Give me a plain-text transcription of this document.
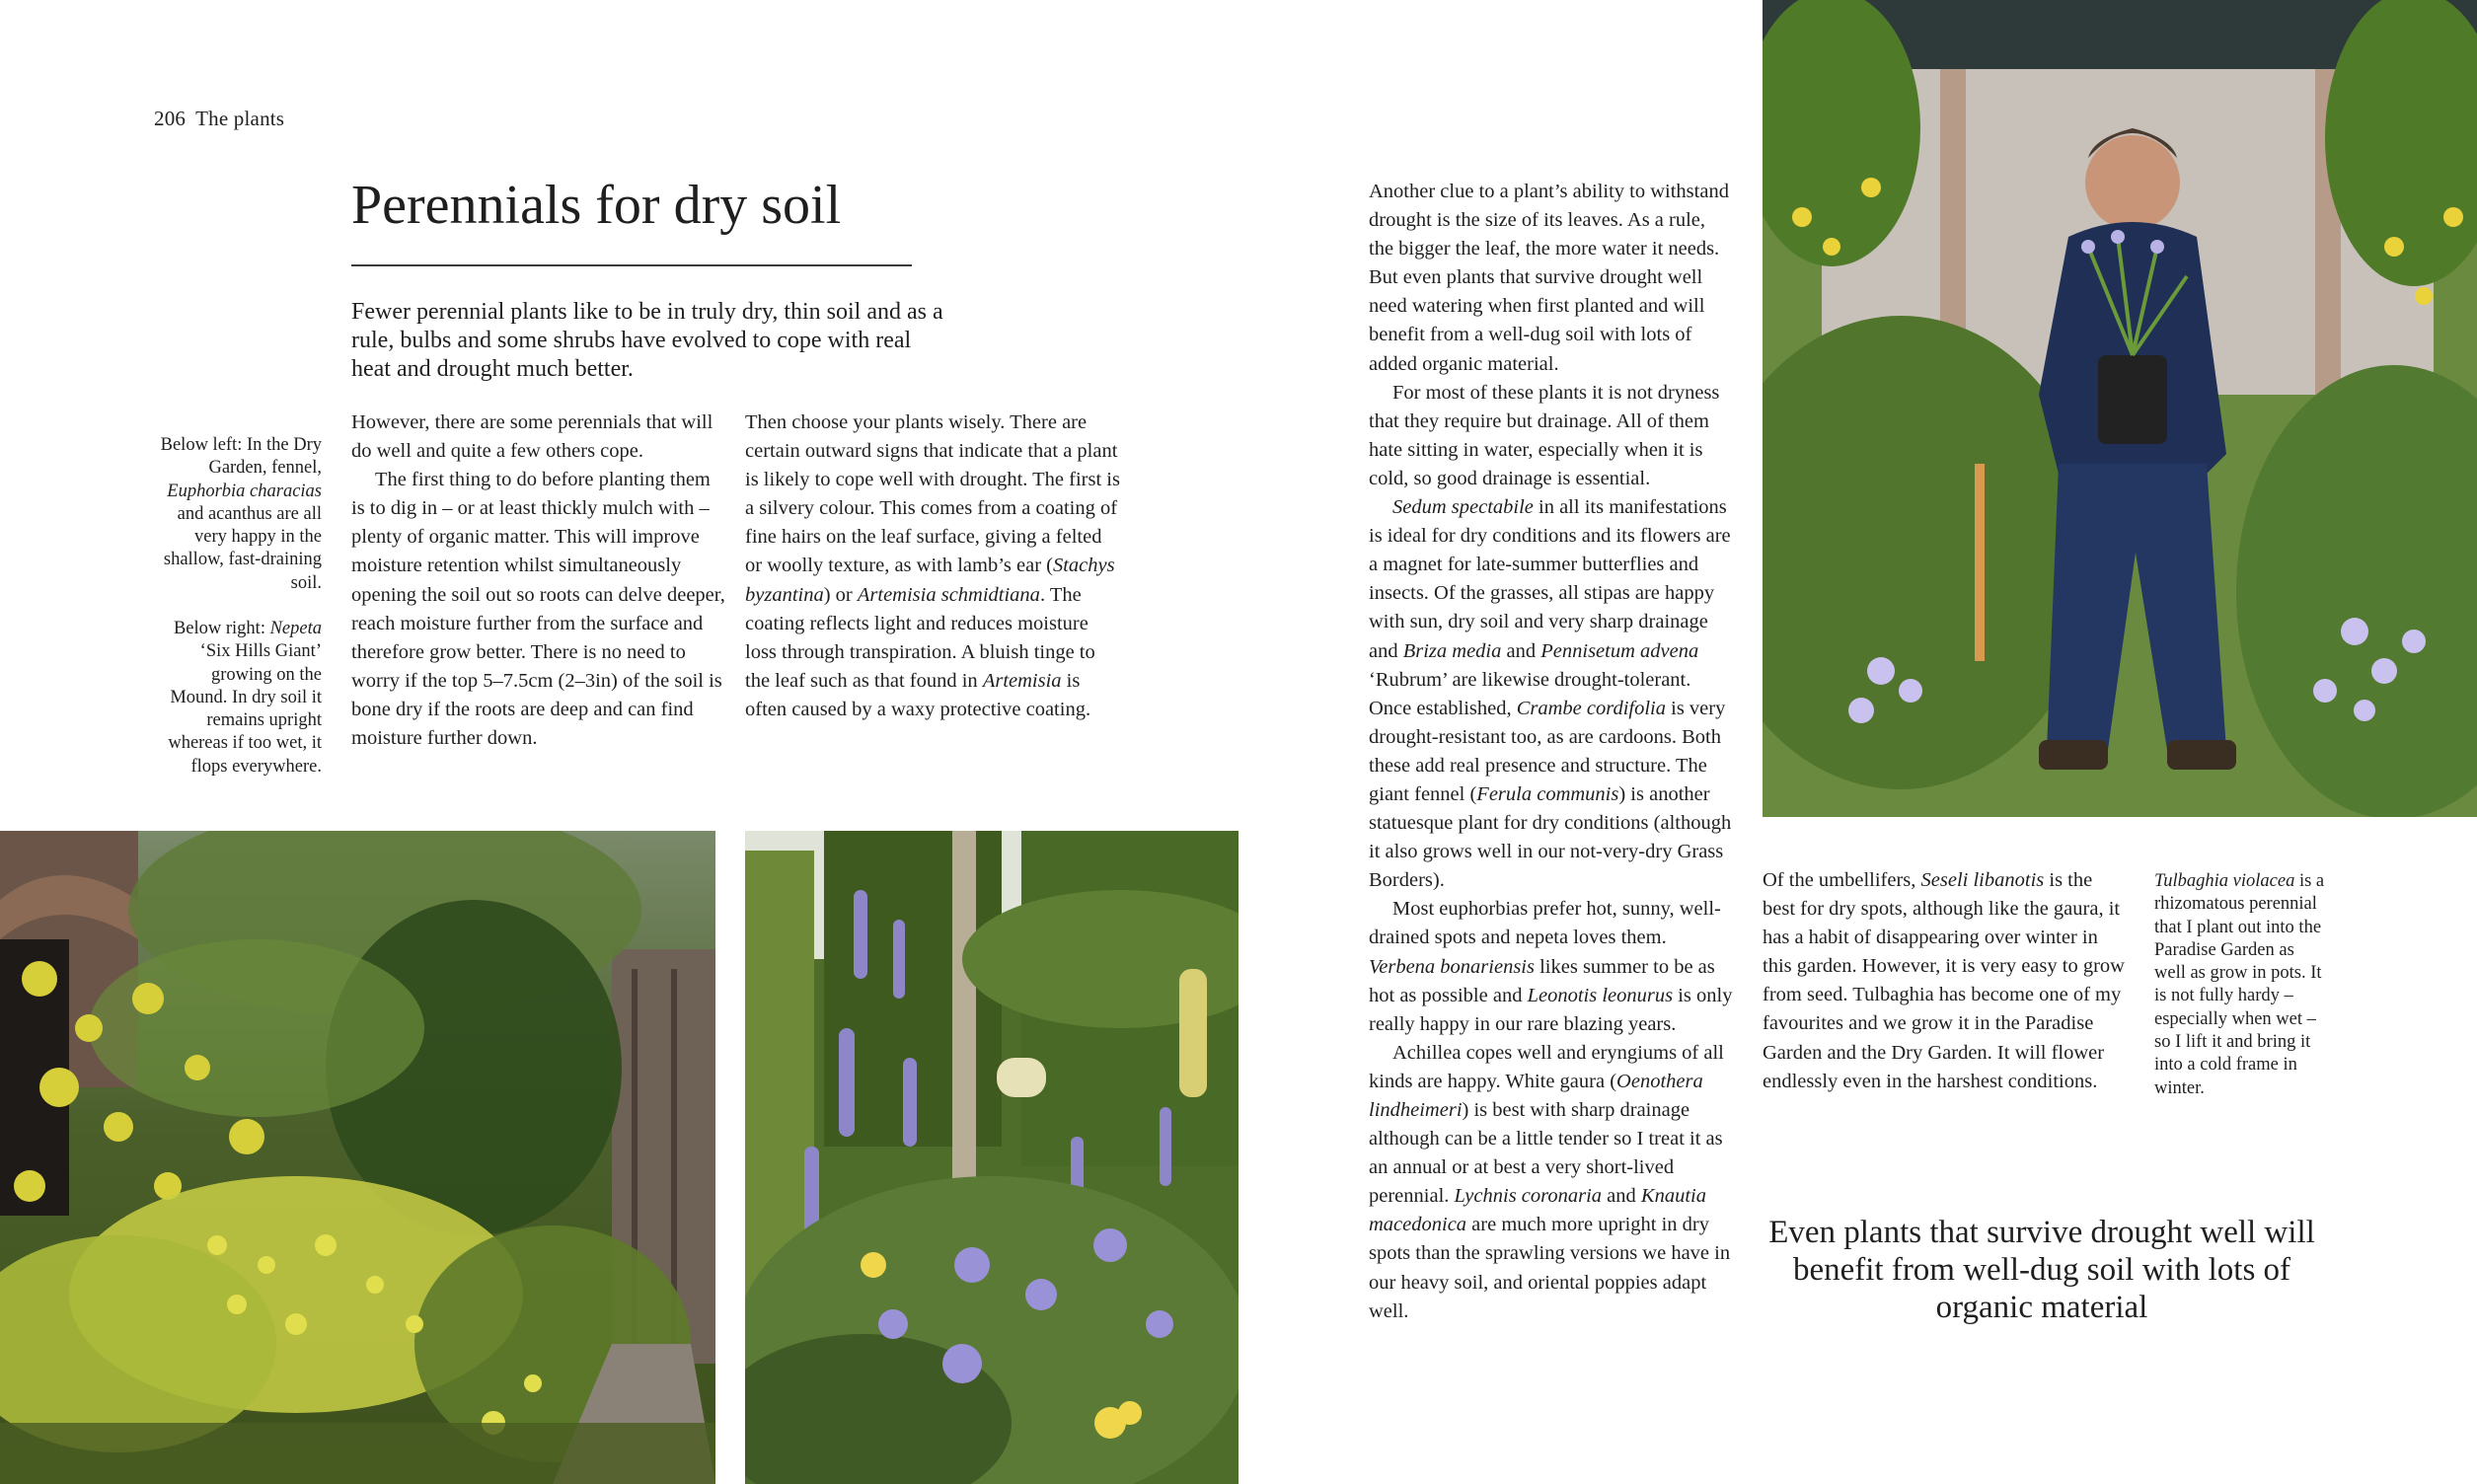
206 The plants
Perennials for dry soil
Fewer perennial plants like to be in truly dry, thin soil and as a rule, bulbs and some shrubs have evolved to cope with real heat and drought much better.
Below left: In the Dry Garden, fennel, Euphorbia characias and acanthus are all very happy in the shallow, fast-draining soil.
Below right: Nepeta ‘Six Hills Giant’ growing on the Mound. In dry soil it remains upright whereas if too wet, it flops everywhere.

However, there are some perennials that will do well and quite a few others cope.

The first thing to do before planting them is to dig in – or at least thickly mulch with – plenty of organic matter. This will improve moisture retention whilst simultaneously opening the soil out so roots can delve deeper, reach moisture further from the surface and therefore grow better. There is no need to worry if the top 5–7.5cm (2–3in) of the soil is bone dry if the roots are deep and can find moisture further down.

Then choose your plants wisely. There are certain outward signs that indicate that a plant is likely to cope well with drought. The first is a silvery colour. This comes from a coating of fine hairs on the leaf surface, giving a felted or woolly texture, as with lamb’s ear (Stachys byzantina) or Artemisia schmidtiana. The coating reflects light and reduces moisture loss through transpiration. A bluish tinge to the leaf such as that found in Artemisia is often caused by a waxy protective coating.

Another clue to a plant’s ability to withstand drought is the size of its leaves. As a rule, the bigger the leaf, the more water it needs. But even plants that survive drought well need watering when first planted and will benefit from a well-dug soil with lots of added organic material.

For most of these plants it is not dryness that they require but drainage. All of them hate sitting in water, especially when it is cold, so good drainage is essential.

Sedum spectabile in all its manifestations is ideal for dry conditions and its flowers are a magnet for late-summer butterflies and insects. Of the grasses, all stipas are happy with sun, dry soil and very sharp drainage and Briza media and Pennisetum advena ‘Rubrum’ are likewise drought-tolerant. Once established, Crambe cordifolia is very drought-resistant too, as are cardoons. Both these add real presence and structure. The giant fennel (Ferula communis) is another statuesque plant for dry conditions (although it also grows well in our not-very-dry Grass Borders).

Most euphorbias prefer hot, sunny, well-drained spots and nepeta loves them. Verbena bonariensis likes summer to be as hot as possible and Leonotis leonurus is only really happy in our rare blazing years.

Achillea copes well and eryngiums of all kinds are happy. White gaura (Oenothera lindheimeri) is best with sharp drainage although can be a little tender so I treat it as an annual or at best a very short-lived perennial. Lychnis coronaria and Knautia macedonica are much more upright in dry spots than the sprawling versions we have in our heavy soil, and oriental poppies adapt well.

Of the umbellifers, Seseli libanotis is the best for dry spots, although like the gaura, it has a habit of disappearing over winter in this garden. However, it is very easy to grow from seed. Tulbaghia has become one of my favourites and we grow it in the Paradise Garden and the Dry Garden. It will flower endlessly even in the harshest conditions.

Tulbaghia violacea is a rhizomatous perennial that I plant out into the Paradise Garden as well as grow in pots. It is not fully hardy – especially when wet – so I lift it and bring it into a cold frame in winter.
Even plants that survive drought well will benefit from well-dug soil with lots of organic material
